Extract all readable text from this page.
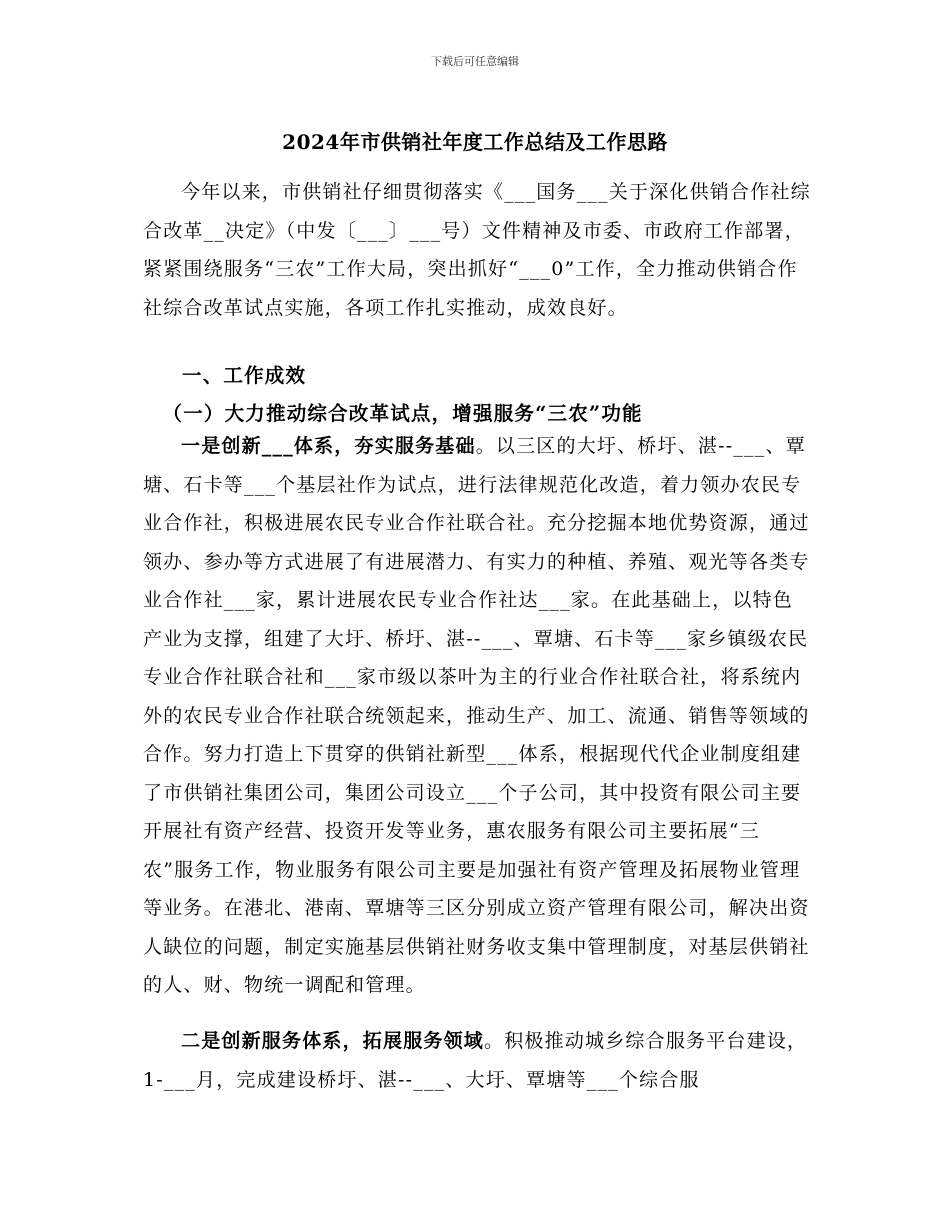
下载后可任意编辑
2024年市供销社年度工作总结及工作思路

今年以来，市供销社仔细贯彻落实《___国务___关于深化供销合作社综合改革__决定》（中发〔___〕___号）文件精神及市委、市政府工作部署，紧紧围绕服务“三农”工作大局，突出抓好“___0”工作，全力推动供销合作社综合改革试点实施，各项工作扎实推动，成效良好。

一、工作成效
（一）大力推动综合改革试点，增强服务“三农”功能

一是创新___体系，夯实服务基础。以三区的大圩、桥圩、湛--___、覃塘、石卡等___个基层社作为试点，进行法律规范化改造，着力领办农民专业合作社，积极进展农民专业合作社联合社。充分挖掘本地优势资源，通过领办、参办等方式进展了有进展潜力、有实力的种植、养殖、观光等各类专业合作社___家，累计进展农民专业合作社达___家。在此基础上，以特色产业为支撑，组建了大圩、桥圩、湛--___、覃塘、石卡等___家乡镇级农民专业合作社联合社和___家市级以茶叶为主的行业合作社联合社，将系统内外的农民专业合作社联合统领起来，推动生产、加工、流通、销售等领域的合作。努力打造上下贯穿的供销社新型___体系，根据现代代企业制度组建了市供销社集团公司，集团公司设立___个子公司，其中投资有限公司主要开展社有资产经营、投资开发等业务，惠农服务有限公司主要拓展“三农”服务工作，物业服务有限公司主要是加强社有资产管理及拓展物业管理等业务。在港北、港南、覃塘等三区分别成立资产管理有限公司，解决出资人缺位的问题，制定实施基层供销社财务收支集中管理制度，对基层供销社的人、财、物统一调配和管理。

二是创新服务体系，拓展服务领域。积极推动城乡综合服务平台建设，1-___月，完成建设桥圩、湛--___、大圩、覃塘等___个综合服
